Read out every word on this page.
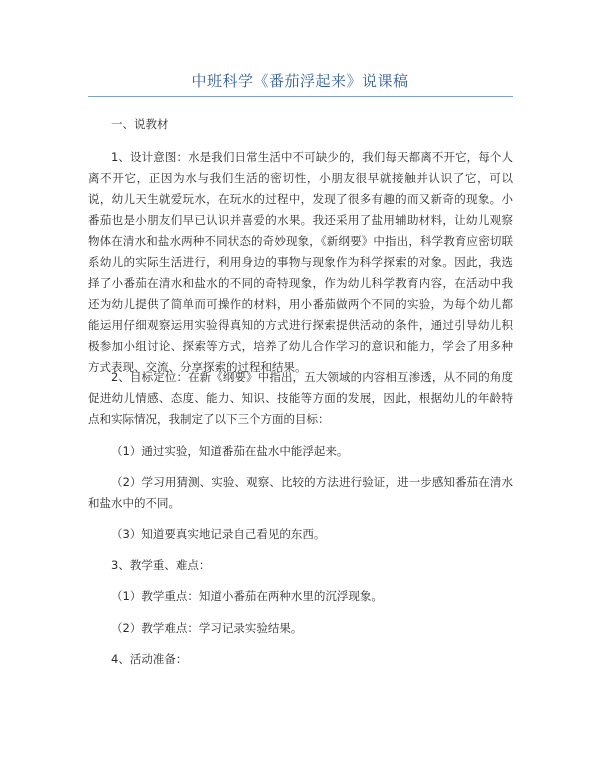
中班科学《番茄浮起来》说课稿
一、说教材
1、设计意图：水是我们日常生活中不可缺少的，我们每天都离不开它，每个人离不开它，正因为水与我们生活的密切性，小朋友很早就接触并认识了它，可以说，幼儿天生就爱玩水，在玩水的过程中，发现了很多有趣的而又新奇的现象。小番茄也是小朋友们早已认识并喜爱的水果。我还采用了盐用辅助材料，让幼儿观察物体在清水和盐水两种不同状态的奇妙现象，《新纲要》中指出，科学教育应密切联系幼儿的实际生活进行，利用身边的事物与现象作为科学探索的对象。因此，我选择了小番茄在清水和盐水的不同的奇特现象，作为幼儿科学教育内容，在活动中我还为幼儿提供了简单而可操作的材料，用小番茄做两个不同的实验，为每个幼儿都能运用仔细观察运用实验得真知的方式进行探索提供活动的条件，通过引导幼儿积极参加小组讨论、探索等方式，培养了幼儿合作学习的意识和能力，学会了用多种方式表现、交流、分享探索的过程和结果。
2、目标定位：在新《纲要》中指出，五大领域的内容相互渗透，从不同的角度促进幼儿情感、态度、能力、知识、技能等方面的发展，因此，根据幼儿的年龄特点和实际情况，我制定了以下三个方面的目标：
（1）通过实验，知道番茄在盐水中能浮起来。
（2）学习用猜测、实验、观察、比较的方法进行验证，进一步感知番茄在清水和盐水中的不同。
（3）知道要真实地记录自己看见的东西。
3、教学重、难点：
（1）教学重点：知道小番茄在两种水里的沉浮现象。
（2）教学难点：学习记录实验结果。
4、活动准备：
